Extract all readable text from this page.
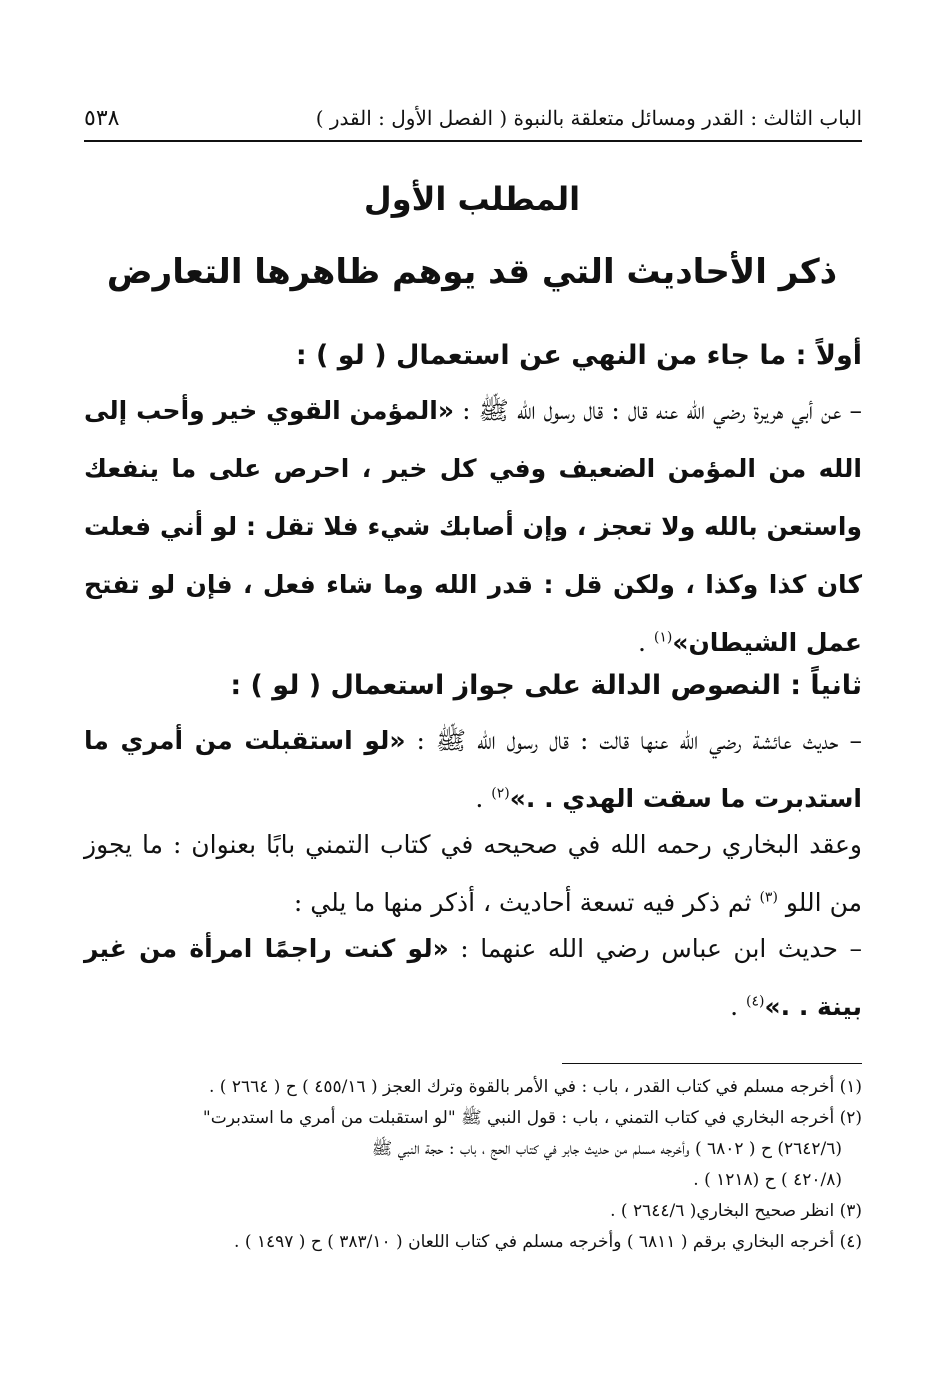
الباب الثالث : القدر ومسائل متعلقة بالنبوة ( الفصل الأول : القدر )
٥٣٨
المطلب الأول
ذكر الأحاديث التي قد يوهم ظاهرها التعارض
أولاً : ما جاء من النهي عن استعمال ( لو ) :
– عن أبي هريرة رضي الله عنه قال : قال رسول الله ﷺ : «المؤمن القوي خير وأحب إلى الله من المؤمن الضعيف وفي كل خير ، احرص على ما ينفعك واستعن بالله ولا تعجز ، وإن أصابك شيء فلا تقل : لو أني فعلت كان كذا وكذا ، ولكن قل : قدر الله وما شاء فعل ، فإن لو تفتح عمل الشيطان»$^{(١)}$ .
ثانياً : النصوص الدالة على جواز استعمال ( لو ) :
– حديث عائشة رضي الله عنها قالت : قال رسول الله ﷺ : «لو استقبلت من أمري ما استدبرت ما سقت الهدي . .»$^{(٢)}$ .
وعقد البخاري رحمه الله في صحيحه في كتاب التمني بابًا بعنوان : ما يجوز من اللو $^{(٣)}$ ثم ذكر فيه تسعة أحاديث ، أذكر منها ما يلي :
– حديث ابن عباس رضي الله عنهما : «لو كنت راجمًا امرأة من غير بينة . .»$^{(٤)}$ .

(١) أخرجه مسلم في كتاب القدر ، باب : في الأمر بالقوة وترك العجز ( ٤٥٥/١٦ ) ح ( ٢٦٦٤ ) .

(٢) أخرجه البخاري في كتاب التمني ، باب : قول النبي ﷺ "لو استقبلت من أمري ما استدبرت"

(٢٦٤٢/٦) ح ( ٦٨٠٢ ) وأخرجه مسلم من حديث جابر في كتاب الحج ، باب : حجة النبي ﷺ

(٤٢٠/٨ ) ح (١٢١٨ ) .

(٣) انظر صحيح البخاري( ٢٦٤٤/٦ ) .

(٤) أخرجه البخاري برقم ( ٦٨١١ ) وأخرجه مسلم في كتاب اللعان ( ٣٨٣/١٠ ) ح ( ١٤٩٧ ) .
